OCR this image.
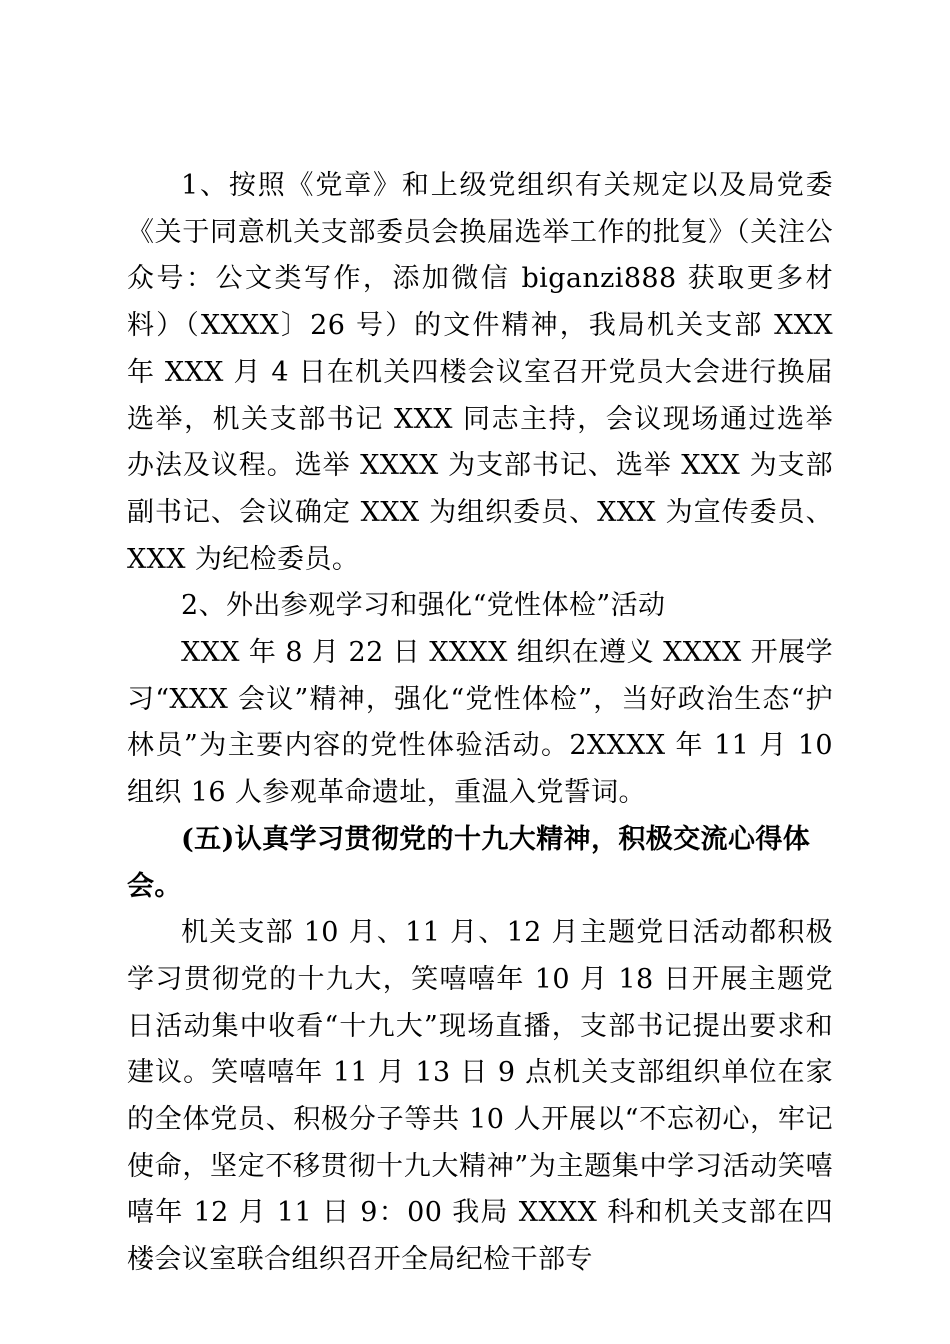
1、按照《党章》和上级党组织有关规定以及局党委《关于同意机关支部委员会换届选举工作的批复》（关注公众号：公文类写作，添加微信 biganzi888 获取更多材料）（XXXX〕26 号）的文件精神，我局机关支部 XXX 年 XXX 月 4 日在机关四楼会议室召开党员大会进行换届选举，机关支部书记 XXX 同志主持，会议现场通过选举办法及议程。选举 XXXX 为支部书记、选举 XXX 为支部副书记、会议确定 XXX 为组织委员、XXX 为宣传委员、XXX 为纪检委员。

2、外出参观学习和强化“党性体检”活动

XXX 年 8 月 22 日 XXXX 组织在遵义 XXXX 开展学习“XXX 会议”精神，强化“党性体检”，当好政治生态“护林员”为主要内容的党性体验活动。2XXXX 年 11 月 10 组织 16 人参观革命遗址，重温入党誓词。

(五)认真学习贯彻党的十九大精神，积极交流心得体会。

机关支部 10 月、11 月、12 月主题党日活动都积极学习贯彻党的十九大，笑嘻嘻年 10 月 18 日开展主题党日活动集中收看“十九大”现场直播，支部书记提出要求和建议。笑嘻嘻年 11 月 13 日 9 点机关支部组织单位在家的全体党员、积极分子等共 10 人开展以“不忘初心，牢记使命，坚定不移贯彻十九大精神”为主题集中学习活动笑嘻嘻年 12 月 11 日 9：00 我局 XXXX 科和机关支部在四楼会议室联合组织召开全局纪检干部专
